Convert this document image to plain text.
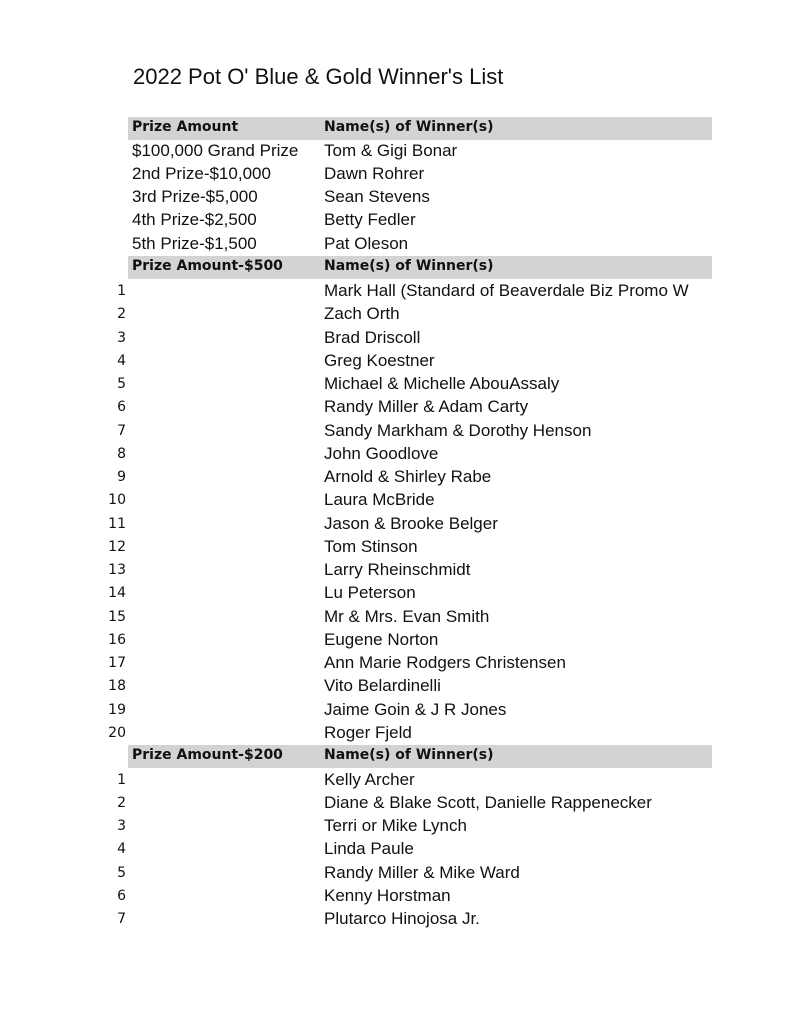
2022 Pot O' Blue & Gold Winner's List
Prize Amount	Name(s) of Winner(s)
$100,000 Grand Prize Tom & Gigi Bonar
2nd Prize-$10,000	Dawn Rohrer
3rd Prize-$5,000	Sean Stevens
4th Prize-$2,500	Betty Fedler
5th Prize-$1,500	Pat Oleson
Prize Amount-$500	Name(s) of Winner(s)
1	Mark Hall (Standard of Beaverdale Biz Promo W
2	Zach Orth
3	Brad Driscoll
4	Greg Koestner
5	Michael & Michelle AbouAssaly
6	Randy Miller & Adam Carty
7	Sandy Markham & Dorothy Henson
8	John Goodlove
9	Arnold & Shirley Rabe
10	Laura McBride
11	Jason & Brooke Belger
12	Tom Stinson
13	Larry Rheinschmidt
14	Lu Peterson
15	Mr & Mrs. Evan Smith
16	Eugene Norton
17	Ann Marie Rodgers Christensen
18	Vito Belardinelli
19	Jaime Goin & J R Jones
20	Roger Fjeld
Prize Amount-$200	Name(s) of Winner(s)
1	Kelly Archer
2	Diane & Blake Scott, Danielle Rappenecker
3	Terri or Mike Lynch
4	Linda Paule
5	Randy Miller & Mike Ward
6	Kenny Horstman
7	Plutarco Hinojosa Jr.
